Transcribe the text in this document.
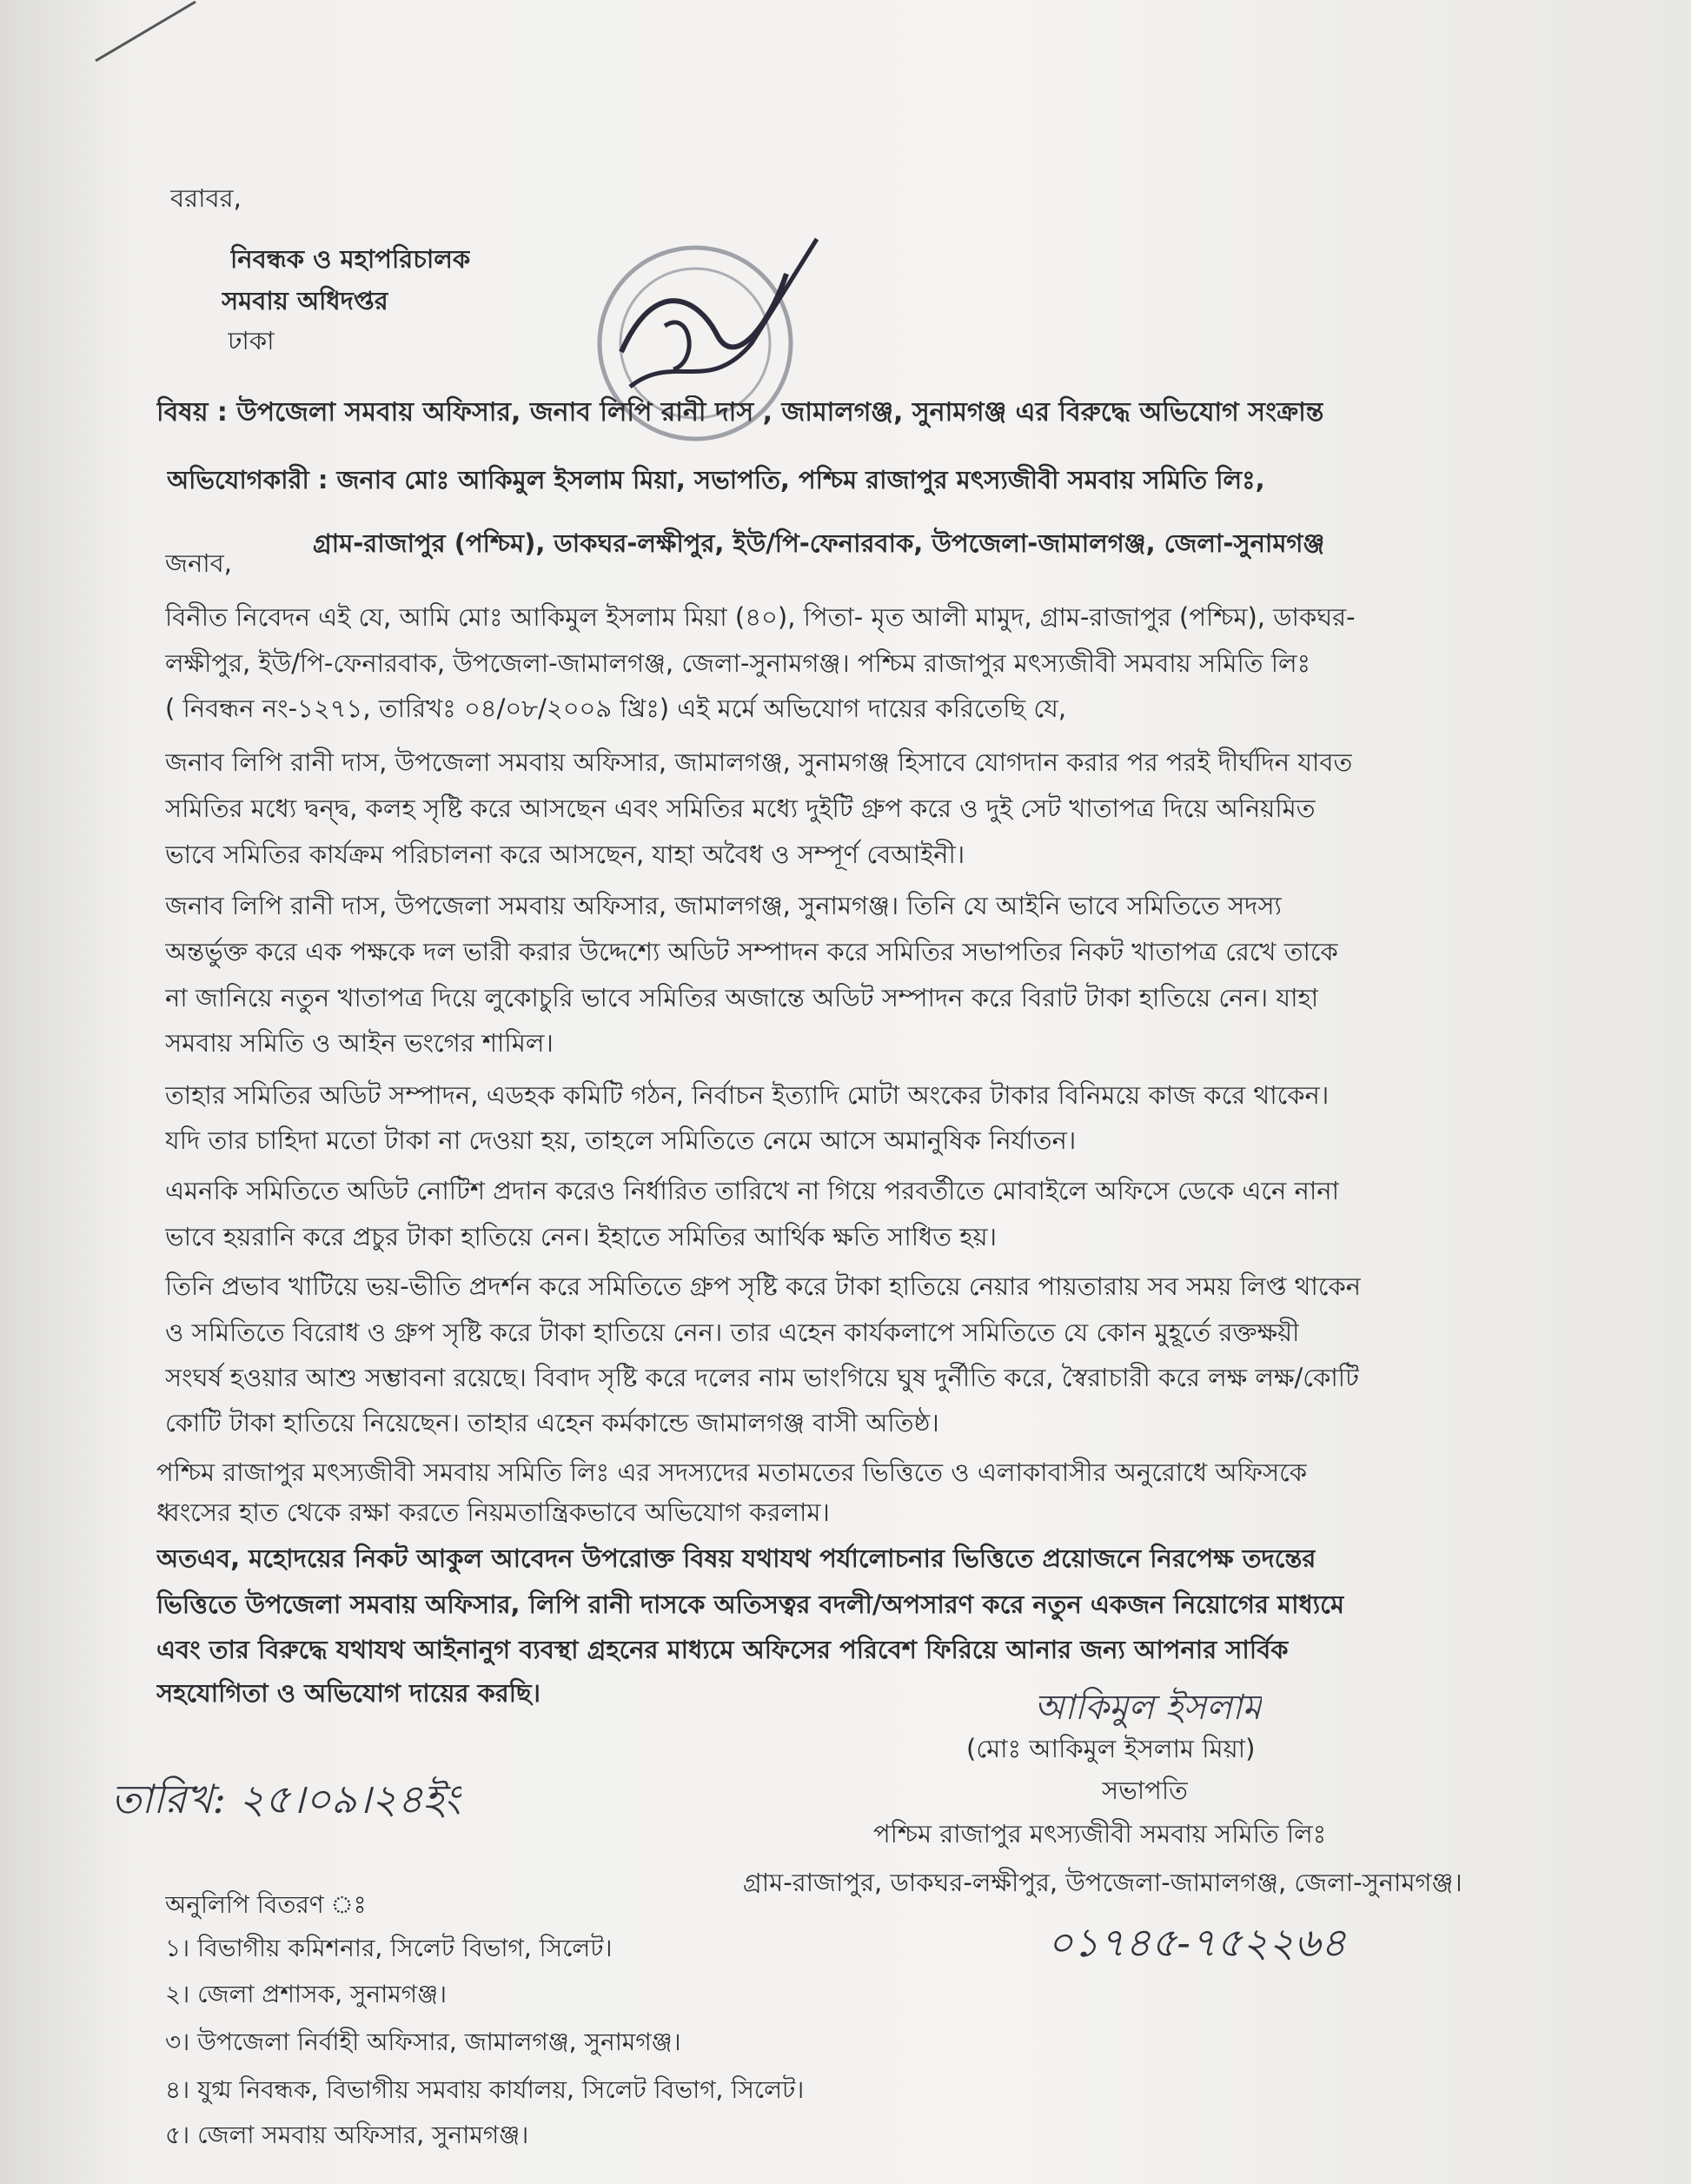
বরাবর,
নিবন্ধক ও মহাপরিচালক
সমবায় অধিদপ্তর
ঢাকা
বিষয় : উপজেলা সমবায় অফিসার, জনাব লিপি রানী দাস , জামালগঞ্জ, সুনামগঞ্জ এর বিরুদ্ধে অভিযোগ সংক্রান্ত
অভিযোগকারী : জনাব মোঃ আকিমুল ইসলাম মিয়া, সভাপতি, পশ্চিম রাজাপুর মৎস্যজীবী সমবায় সমিতি লিঃ,
গ্রাম-রাজাপুর (পশ্চিম), ডাকঘর-লক্ষীপুর, ইউ/পি-ফেনারবাক, উপজেলা-জামালগঞ্জ, জেলা-সুনামগঞ্জ
জনাব,
বিনীত নিবেদন এই যে, আমি মোঃ আকিমুল ইসলাম মিয়া (৪০), পিতা- মৃত আলী মামুদ, গ্রাম-রাজাপুর (পশ্চিম), ডাকঘর-
লক্ষীপুর, ইউ/পি-ফেনারবাক, উপজেলা-জামালগঞ্জ, জেলা-সুনামগঞ্জ। পশ্চিম রাজাপুর মৎস্যজীবী সমবায় সমিতি লিঃ
( নিবন্ধন নং-১২৭১, তারিখঃ ০৪/০৮/২০০৯ খ্রিঃ) এই মর্মে অভিযোগ দায়ের করিতেছি যে,
জনাব লিপি রানী দাস, উপজেলা সমবায় অফিসার, জামালগঞ্জ, সুনামগঞ্জ হিসাবে যোগদান করার পর পরই দীর্ঘদিন যাবত
সমিতির মধ্যে দ্বন্দ্ব, কলহ সৃষ্টি করে আসছেন এবং সমিতির মধ্যে দুইটি গ্রুপ করে ও দুই সেট খাতাপত্র দিয়ে অনিয়মিত
ভাবে সমিতির কার্যক্রম পরিচালনা করে আসছেন, যাহা অবৈধ ও সম্পূর্ণ বেআইনী।
জনাব লিপি রানী দাস, উপজেলা সমবায় অফিসার, জামালগঞ্জ, সুনামগঞ্জ। তিনি যে আইনি ভাবে সমিতিতে সদস্য
অন্তর্ভুক্ত করে এক পক্ষকে দল ভারী করার উদ্দেশ্যে অডিট সম্পাদন করে সমিতির সভাপতির নিকট খাতাপত্র রেখে তাকে
না জানিয়ে নতুন খাতাপত্র দিয়ে লুকোচুরি ভাবে সমিতির অজান্তে অডিট সম্পাদন করে বিরাট টাকা হাতিয়ে নেন। যাহা
সমবায় সমিতি ও আইন ভংগের শামিল।
তাহার সমিতির অডিট সম্পাদন, এডহক কমিটি গঠন, নির্বাচন ইত্যাদি মোটা অংকের টাকার বিনিময়ে কাজ করে থাকেন।
যদি তার চাহিদা মতো টাকা না দেওয়া হয়, তাহলে সমিতিতে নেমে আসে অমানুষিক নির্যাতন।
এমনকি সমিতিতে অডিট নোটিশ প্রদান করেও নির্ধারিত তারিখে না গিয়ে পরবর্তীতে মোবাইলে অফিসে ডেকে এনে নানা
ভাবে হয়রানি করে প্রচুর টাকা হাতিয়ে নেন। ইহাতে সমিতির আর্থিক ক্ষতি সাধিত হয়।
তিনি প্রভাব খাটিয়ে ভয়-ভীতি প্রদর্শন করে সমিতিতে গ্রুপ সৃষ্টি করে টাকা হাতিয়ে নেয়ার পায়তারায় সব সময় লিপ্ত থাকেন
ও সমিতিতে বিরোধ ও গ্রুপ সৃষ্টি করে টাকা হাতিয়ে নেন। তার এহেন কার্যকলাপে সমিতিতে যে কোন মুহূর্তে রক্তক্ষয়ী
সংঘর্ষ হওয়ার আশু সম্ভাবনা রয়েছে। বিবাদ সৃষ্টি করে দলের নাম ভাংগিয়ে ঘুষ দুর্নীতি করে, স্বৈরাচারী করে লক্ষ লক্ষ/কোটি
কোটি টাকা হাতিয়ে নিয়েছেন। তাহার এহেন কর্মকান্ডে জামালগঞ্জ বাসী অতিষ্ঠ।
পশ্চিম রাজাপুর মৎস্যজীবী সমবায় সমিতি লিঃ এর সদস্যদের মতামতের ভিত্তিতে ও এলাকাবাসীর অনুরোধে অফিসকে
ধ্বংসের হাত থেকে রক্ষা করতে নিয়মতান্ত্রিকভাবে অভিযোগ করলাম।
অতএব, মহোদয়ের নিকট আকুল আবেদন উপরোক্ত বিষয় যথাযথ পর্যালোচনার ভিত্তিতে প্রয়োজনে নিরপেক্ষ তদন্তের
ভিত্তিতে উপজেলা সমবায় অফিসার, লিপি রানী দাসকে অতিসত্বর বদলী/অপসারণ করে নতুন একজন নিয়োগের মাধ্যমে
এবং তার বিরুদ্ধে যথাযথ আইনানুগ ব্যবস্থা গ্রহনের মাধ্যমে অফিসের পরিবেশ ফিরিয়ে আনার জন্য আপনার সার্বিক
সহযোগিতা ও অভিযোগ দায়ের করছি।	আকিমুল ইসলাম
(মোঃ আকিমুল ইসলাম মিয়া)
সভাপতি
পশ্চিম রাজাপুর মৎস্যজীবী সমবায় সমিতি লিঃ
গ্রাম-রাজাপুর, ডাকঘর-লক্ষীপুর, উপজেলা-জামালগঞ্জ, জেলা-সুনামগঞ্জ।
তারিখ: ২৫।০৯।২৪ইং
০১৭৪৫-৭৫২২৬৪
অনুলিপি বিতরণ ঃ
১। বিভাগীয় কমিশনার, সিলেট বিভাগ, সিলেট।
২। জেলা প্রশাসক, সুনামগঞ্জ।
৩। উপজেলা নির্বাহী অফিসার, জামালগঞ্জ, সুনামগঞ্জ।
৪। যুগ্ম নিবন্ধক, বিভাগীয় সমবায় কার্যালয়, সিলেট বিভাগ, সিলেট।
৫। জেলা সমবায় অফিসার, সুনামগঞ্জ।
